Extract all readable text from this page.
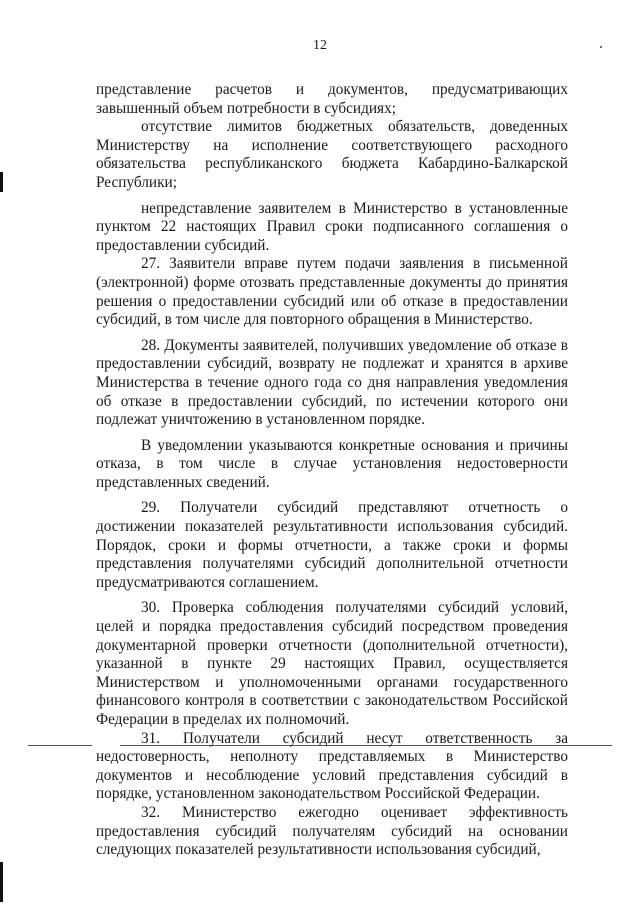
12

представление расчетов и документов, предусматривающих завышенный объем потребности в субсидиях;

отсутствие лимитов бюджетных обязательств, доведенных Министерству на исполнение соответствующего расходного обязательства республиканского бюджета Кабардино-Балкарской Республики;

непредставление заявителем в Министерство в установленные пунктом 22 настоящих Правил сроки подписанного соглашения о предоставлении субсидий.

27. Заявители вправе путем подачи заявления в письменной (электронной) форме отозвать представленные документы до принятия решения о предоставлении субсидий или об отказе в предоставлении субсидий, в том числе для повторного обращения в Министерство.

28. Документы заявителей, получивших уведомление об отказе в предоставлении субсидий, возврату не подлежат и хранятся в архиве Министерства в течение одного года со дня направления уведомления об отказе в предоставлении субсидий, по истечении которого они подлежат уничтожению в установленном порядке.

В уведомлении указываются конкретные основания и причины отказа, в том числе в случае установления недостоверности представленных сведений.

29. Получатели субсидий представляют отчетность о достижении показателей результативности использования субсидий. Порядок, сроки и формы отчетности, а также сроки и формы представления получателями субсидий дополнительной отчетности предусматриваются соглашением.

30. Проверка соблюдения получателями субсидий условий, целей и порядка предоставления субсидий посредством проведения документарной проверки отчетности (дополнительной отчетности), указанной в пункте 29 настоящих Правил, осуществляется Министерством и уполномоченными органами государственного финансового контроля в соответствии с законодательством Российской Федерации в пределах их полномочий.

31. Получатели субсидий несут ответственность за недостоверность, неполноту представляемых в Министерство документов и несоблюдение условий представления субсидий в порядке, установленном законодательством Российской Федерации.

32. Министерство ежегодно оценивает эффективность предоставления субсидий получателям субсидий на основании следующих показателей результативности использования субсидий,
